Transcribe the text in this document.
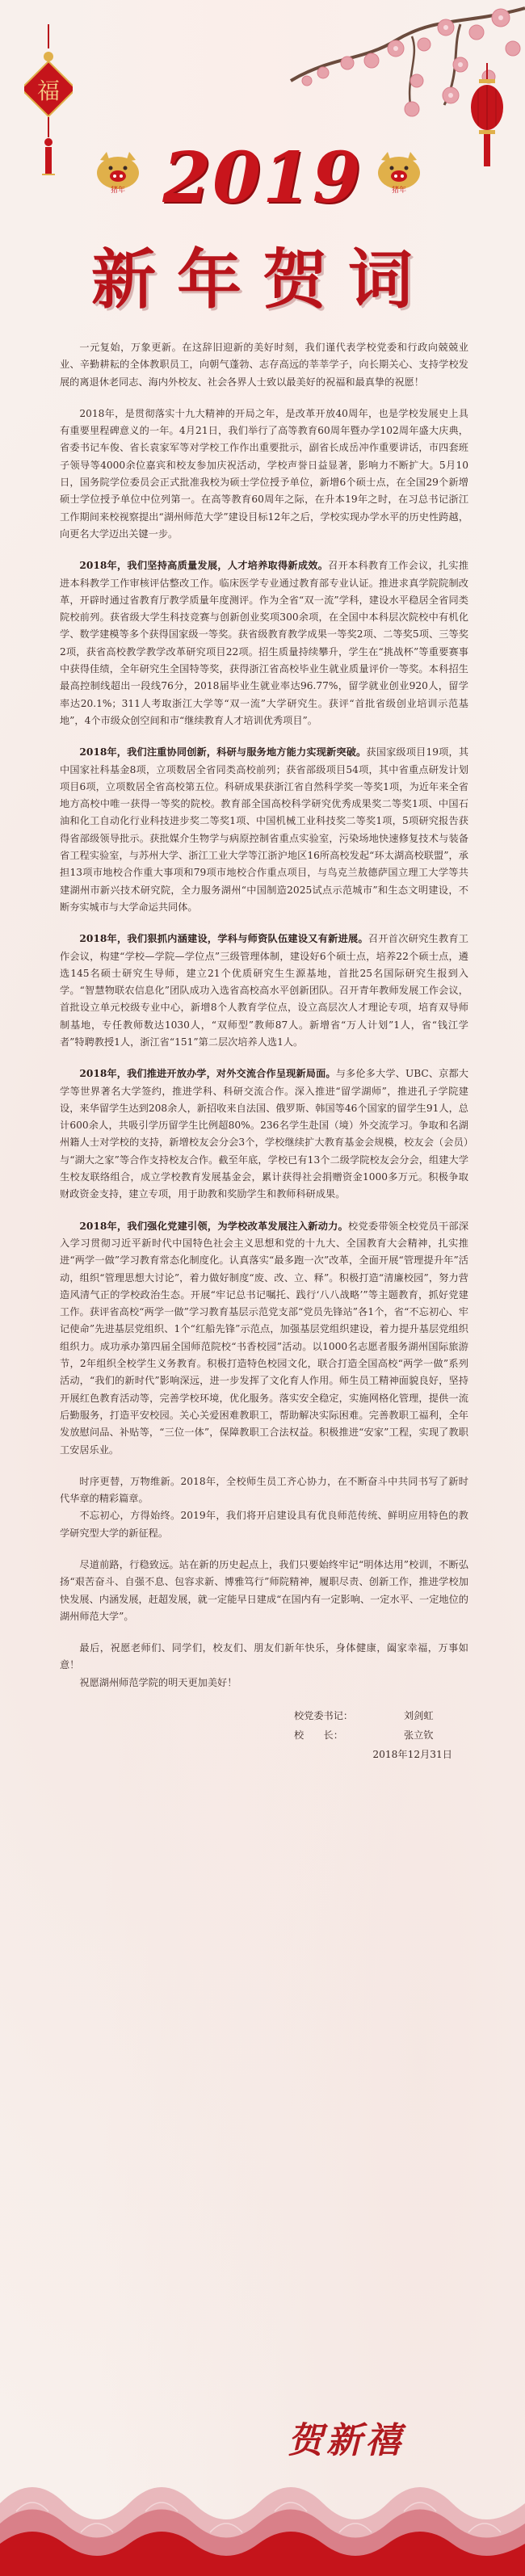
福
猪年	猪年
2019
新年贺词

一元复始，万象更新。在这辞旧迎新的美好时刻，我们谨代表学校党委和行政向兢兢业业、辛勤耕耘的全体教职员工，向朝气蓬勃、志存高远的莘莘学子，向长期关心、支持学校发展的离退休老同志、海内外校友、社会各界人士致以最美好的祝福和最真挚的祝愿！

2018年，是贯彻落实十九大精神的开局之年，是改革开放40周年，也是学校发展史上具有重要里程碑意义的一年。4月21日，我们举行了高等教育60周年暨办学102周年盛大庆典，省委书记车俊、省长袁家军等对学校工作作出重要批示，副省长成岳冲作重要讲话，市四套班子领导等4000余位嘉宾和校友参加庆祝活动，学校声誉日益显著，影响力不断扩大。5月10日，国务院学位委员会正式批准我校为硕士学位授予单位，新增6个硕士点，在全国29个新增硕士学位授予单位中位列第一。在高等教育60周年之际，在升本19年之时，在习总书记浙江工作期间来校视察提出“湖州师范大学”建设目标12年之后，学校实现办学水平的历史性跨越，向更名大学迈出关键一步。

2018年，我们坚持高质量发展，人才培养取得新成效。召开本科教育工作会议，扎实推进本科教学工作审核评估整改工作。临床医学专业通过教育部专业认证。推进求真学院院制改革，开辟时通过省教育厅教学质量年度测评。作为全省“双一流”学科，建设水平稳居全省同类院校前列。获省级大学生科技竞赛与创新创业奖项300余项，在全国中本科层次院校中有机化学、数学建模等多个获得国家级一等奖。获省级教育教学成果一等奖2项、二等奖5项、三等奖2项，获省高校教学教学改革研究项目22项。招生质量持续攀升，学生在“挑战杯”等重要赛事中获得佳绩，全年研究生全国特等奖，获得浙江省高校毕业生就业质量评价一等奖。本科招生最高控制线超出一段线76分，2018届毕业生就业率达96.77%，留学就业创业920人，留学率达20.1%；311人考取浙江大学等“双一流”大学研究生。获评“首批省级创业培训示范基地”，4个市级众创空间和市“继续教育人才培训优秀项目”。

2018年，我们注重协同创新，科研与服务地方能力实现新突破。获国家级项目19项，其中国家社科基金8项，立项数居全省同类高校前列；获省部级项目54项，其中省重点研发计划项目6项，立项数居全省高校第五位。科研成果获浙江省自然科学奖一等奖1项，为近年来全省地方高校中唯一获得一等奖的院校。教育部全国高校科学研究优秀成果奖二等奖1项、中国石油和化工自动化行业科技进步奖二等奖1项、中国机械工业科技奖二等奖1项，5项研究报告获得省部级领导批示。获批媒介生物学与病原控制省重点实验室，污染场地快速修复技术与装备省工程实验室，与苏州大学、浙江工业大学等江浙沪地区16所高校发起“环太湖高校联盟”，承担13项市地校合作重大事项和79项市地校合作重点项目，与鸟克兰敖德萨国立理工大学等共建湖州市新兴技术研究院，全力服务湖州“中国制造2025试点示范城市”和生态文明建设，不断夯实城市与大学命运共同体。

2018年，我们狠抓内涵建设，学科与师资队伍建设又有新进展。召开首次研究生教育工作会议，构建“学校—学院—学位点”三级管理体制，建设好6个硕士点，培养22个硕士点，遴选145名硕士研究生导师，建立21个优质研究生生源基地，首批25名国际研究生报到入学。“智慧物联农信息化”团队成功入选省高校高水平创新团队。召开青年教师发展工作会议，首批设立单元校级专业中心，新增8个人教育学位点，设立高层次人才理论专项，培育双导师制基地，专任教师数达1030人，“双师型”教师87人。新增省“万人计划”1人，省“钱江学者”特聘教授1人，浙江省“151”第二层次培养人选1人。

2018年，我们推进开放办学，对外交流合作呈现新局面。与多伦多大学、UBC、京都大学等世界著名大学签约，推进学科、科研交流合作。深入推进“留学湖师”，推进孔子学院建设，来华留学生达到208余人，新招收来自法国、俄罗斯、韩国等46个国家的留学生91人，总计600余人，共吸引学历留学生比例超80%。236名学生赴国（境）外交流学习。争取和名湖州籍人士对学校的支持，新增校友会分会3个，学校继续扩大教育基金会规模，校友会（会员）与“湖大之家”等合作支持校友合作。截至年底，学校已有13个二级学院校友会分会，组建大学生校友联络组合，成立学校教育发展基金会，累计获得社会捐赠资金1000多万元。积极争取财政资金支持，建立专项，用于助教和奖励学生和教师科研成果。

2018年，我们强化党建引领，为学校改革发展注入新动力。校党委带领全校党员干部深入学习贯彻习近平新时代中国特色社会主义思想和党的十九大、全国教育大会精神，扎实推进“两学一做”学习教育常态化制度化。认真落实“最多跑一次”改革，全面开展“管理提升年”活动，组织“管理思想大讨论”，着力做好制度“废、改、立、释”。积极打造“清廉校园”，努力营造风清气正的学校政治生态。开展“牢记总书记嘱托、践行‘八八战略’”等主题教育，抓好党建工作。获评省高校“两学一做”学习教育基层示范党支部“党员先锋站”各1个，省“不忘初心、牢记使命”先进基层党组织、1个“红船先锋”示范点，加强基层党组织建设，着力提升基层党组织组织力。成功承办第四届全国师范院校“书香校园”活动。以1000名志愿者服务湖州国际旅游节，2年组织全校学生义务教育。积极打造特色校园文化，联合打造全国高校“两学一做”系列活动，“我们的新时代”影响深远，进一步发挥了文化育人作用。师生员工精神面貌良好，坚持开展红色教育活动等，完善学校环境，优化服务。落实安全稳定，实施网格化管理，提供一流后勤服务，打造平安校园。关心关爱困难教职工，帮助解决实际困难。完善教职工福利，全年发放慰问品、补贴等，“三位一体”，保障教职工合法权益。积极推进“安家”工程，实现了教职工安居乐业。

时序更替，万物维新。2018年，全校师生员工齐心协力，在不断奋斗中共同书写了新时代华章的精彩篇章。

不忘初心，方得始终。2019年，我们将开启建设具有优良师范传统、鲜明应用特色的教学研究型大学的新征程。

尽道前路，行稳致远。站在新的历史起点上，我们只要始终牢记“明体达用”校训，不断弘扬“艰苦奋斗、自强不息、包容求新、博雅笃行”师院精神，履职尽责、创新工作，推进学校加快发展、内涵发展，赶超发展，就一定能早日建成“在国内有一定影响、一定水平、一定地位的湖州师范大学”。

最后，祝愿老师们、同学们，校友们、朋友们新年快乐，身体健康，阖家幸福，万事如意！

祝愿湖州师范学院的明天更加美好！

校党委书记：	刘剑虹
校　　长：	张立钦
2018年12月31日
贺新禧
